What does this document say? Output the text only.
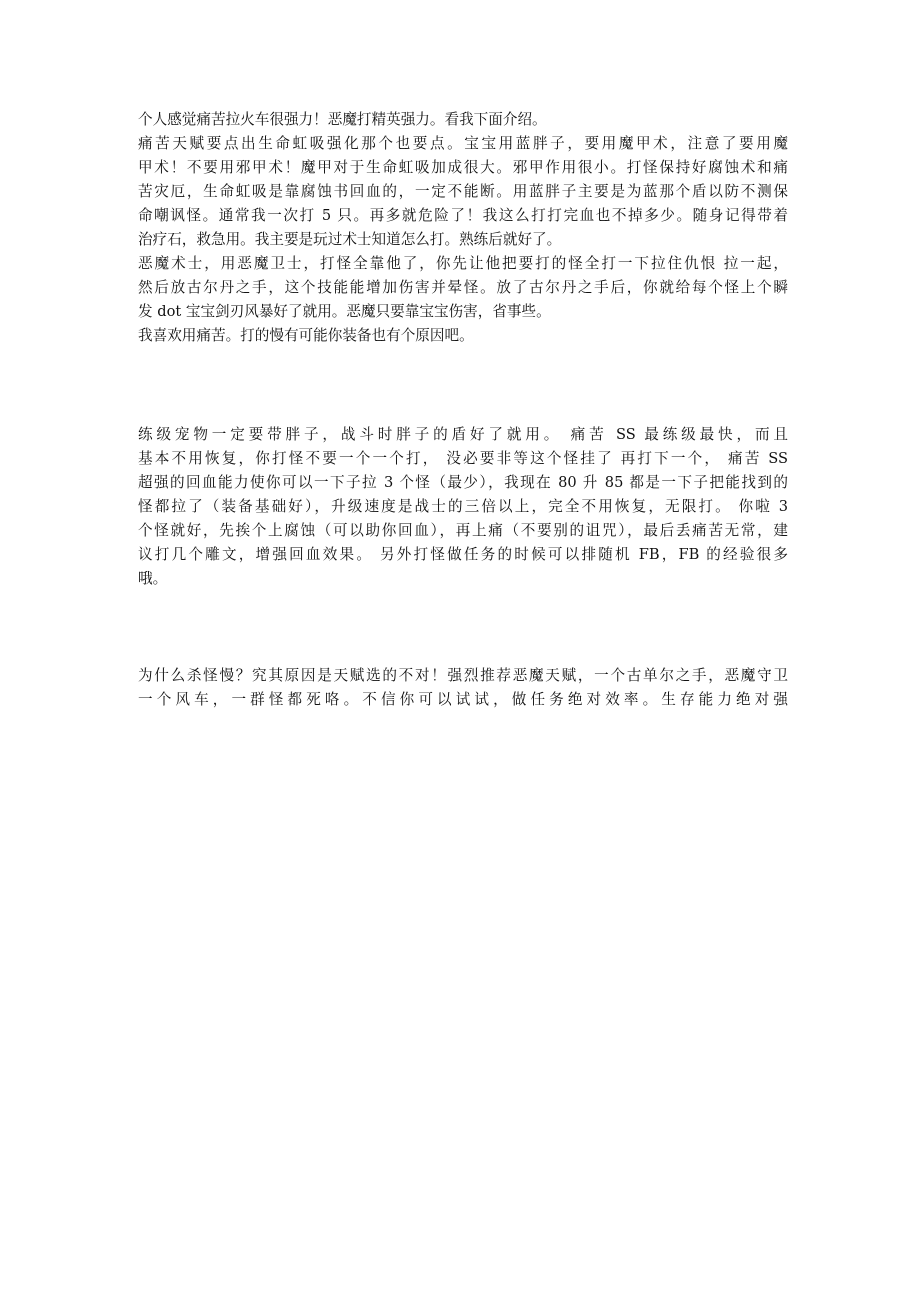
个人感觉痛苦拉火车很强力！恶魔打精英强力。看我下面介绍。
痛苦天赋要点出生命虹吸强化那个也要点。宝宝用蓝胖子，要用魔甲术，注意了要用魔
甲术！不要用邪甲术！魔甲对于生命虹吸加成很大。邪甲作用很小。打怪保持好腐蚀术和痛
苦灾厄，生命虹吸是靠腐蚀书回血的，一定不能断。用蓝胖子主要是为蓝那个盾以防不测保
命嘲讽怪。通常我一次打 5 只。再多就危险了！我这么打打完血也不掉多少。随身记得带着
治疗石，救急用。我主要是玩过术士知道怎么打。熟练后就好了。
恶魔术士，用恶魔卫士，打怪全靠他了，你先让他把要打的怪全打一下拉住仇恨 拉一起，
然后放古尔丹之手，这个技能能增加伤害并晕怪。放了古尔丹之手后，你就给每个怪上个瞬
发 dot 宝宝剑刃风暴好了就用。恶魔只要靠宝宝伤害，省事些。
我喜欢用痛苦。打的慢有可能你装备也有个原因吧。
练级宠物一定要带胖子，战斗时胖子的盾好了就用。 痛苦 SS 最练级最快，而且
基本不用恢复，你打怪不要一个一个打， 没必要非等这个怪挂了 再打下一个， 痛苦 SS
超强的回血能力使你可以一下子拉 3 个怪（最少），我现在 80 升 85 都是一下子把能找到的
怪都拉了（装备基础好），升级速度是战士的三倍以上，完全不用恢复，无限打。 你啦 3
个怪就好，先挨个上腐蚀（可以助你回血），再上痛（不要别的诅咒），最后丢痛苦无常，建
议打几个雕文，增强回血效果。 另外打怪做任务的时候可以排随机 FB，FB 的经验很多
哦。
为什么杀怪慢？究其原因是天赋选的不对！强烈推荐恶魔天赋，一个古单尔之手，恶魔守卫
一个风车，一群怪都死咯。不信你可以试试，做任务绝对效率。生存能力绝对强
